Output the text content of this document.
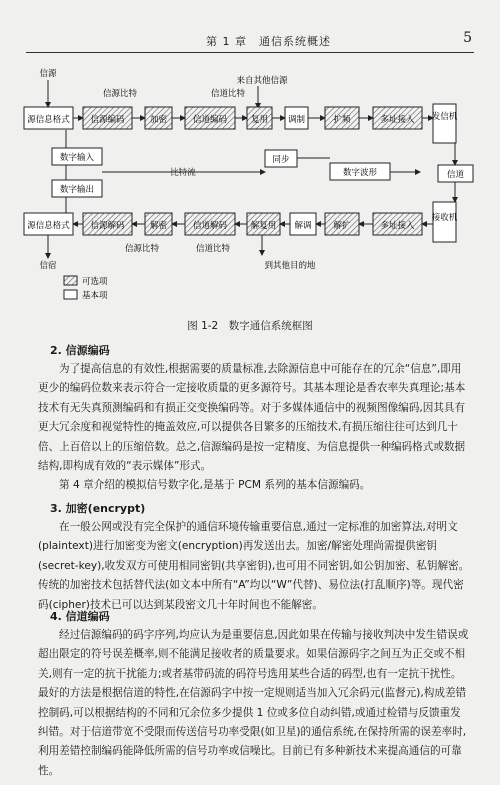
第 1 章　通信系统概述	5
源信息格式 信源编码	加密	信道编码	复用 调制	扩频	多址接入 发信机
信道
数字输入
数字输出
比特流
同步
数字波形
源信息格式 信源解码	解密	信道解码	解复用 解调	解扩	多址接入
接收机
信源
信宿
信源比特	信道比特
来自其他信源
信源比特	信道比特
到其他目的地
可选项
基本项
图 1-2　数字通信系统框图
2. 信源编码

为了提高信息的有效性,根据需要的质量标准,去除源信息中可能存在的冗余“信息”,即用更少的编码位数来表示符合一定接收质量的更多源符号。其基本理论是香农率失真理论;基本技术有无失真预测编码和有损正交变换编码等。对于多媒体通信中的视频图像编码,因其具有更大冗余度和视觉特性的掩盖效应,可以提供各目繁多的压缩技术,有损压缩往往可达到几十倍、上百倍以上的压缩倍数。总之,信源编码是按一定精度、为信息提供一种编码格式或数据结构,即构成有效的“表示媒体”形式。

第 4 章介绍的模拟信号数字化,是基于 PCM 系列的基本信源编码。

3. 加密(encrypt)

在一般公网或没有完全保护的通信环境传输重要信息,通过一定标准的加密算法,对明文(plaintext)进行加密变为密文(encryption)再发送出去。加密/解密处理尚需提供密钥(secret-key),收发双方可使用相同密钥(共享密钥),也可用不同密钥,如公钥加密、私钥解密。传统的加密技术包括替代法(如文本中所有“A”均以“W”代替)、易位法(打乱顺序)等。现代密码(cipher)技术已可以达到某段密文几十年时间也不能解密。

4. 信道编码

经过信源编码的码字序列,均应认为是重要信息,因此如果在传输与接收判决中发生错误或超出限定的符号误差概率,则不能满足接收者的质量要求。如果信源码字之间互为正交或不相关,则有一定的抗干扰能力;或者基带码流的码符号选用某些合适的码型,也有一定抗干扰性。最好的方法是根据信道的特性,在信源码字中按一定规则适当加入冗余码元(监督元),构成差错控制码,可以根据结构的不同和冗余位多少提供 1 位或多位自动纠错,或通过检错与反馈重发纠错。对于信道带宽不受限而传送信号功率受限(如卫星)的通信系统,在保持所需的误差率时,利用差错控制编码能降低所需的信号功率或信噪比。目前已有多种新技术来提高通信的可靠性。
